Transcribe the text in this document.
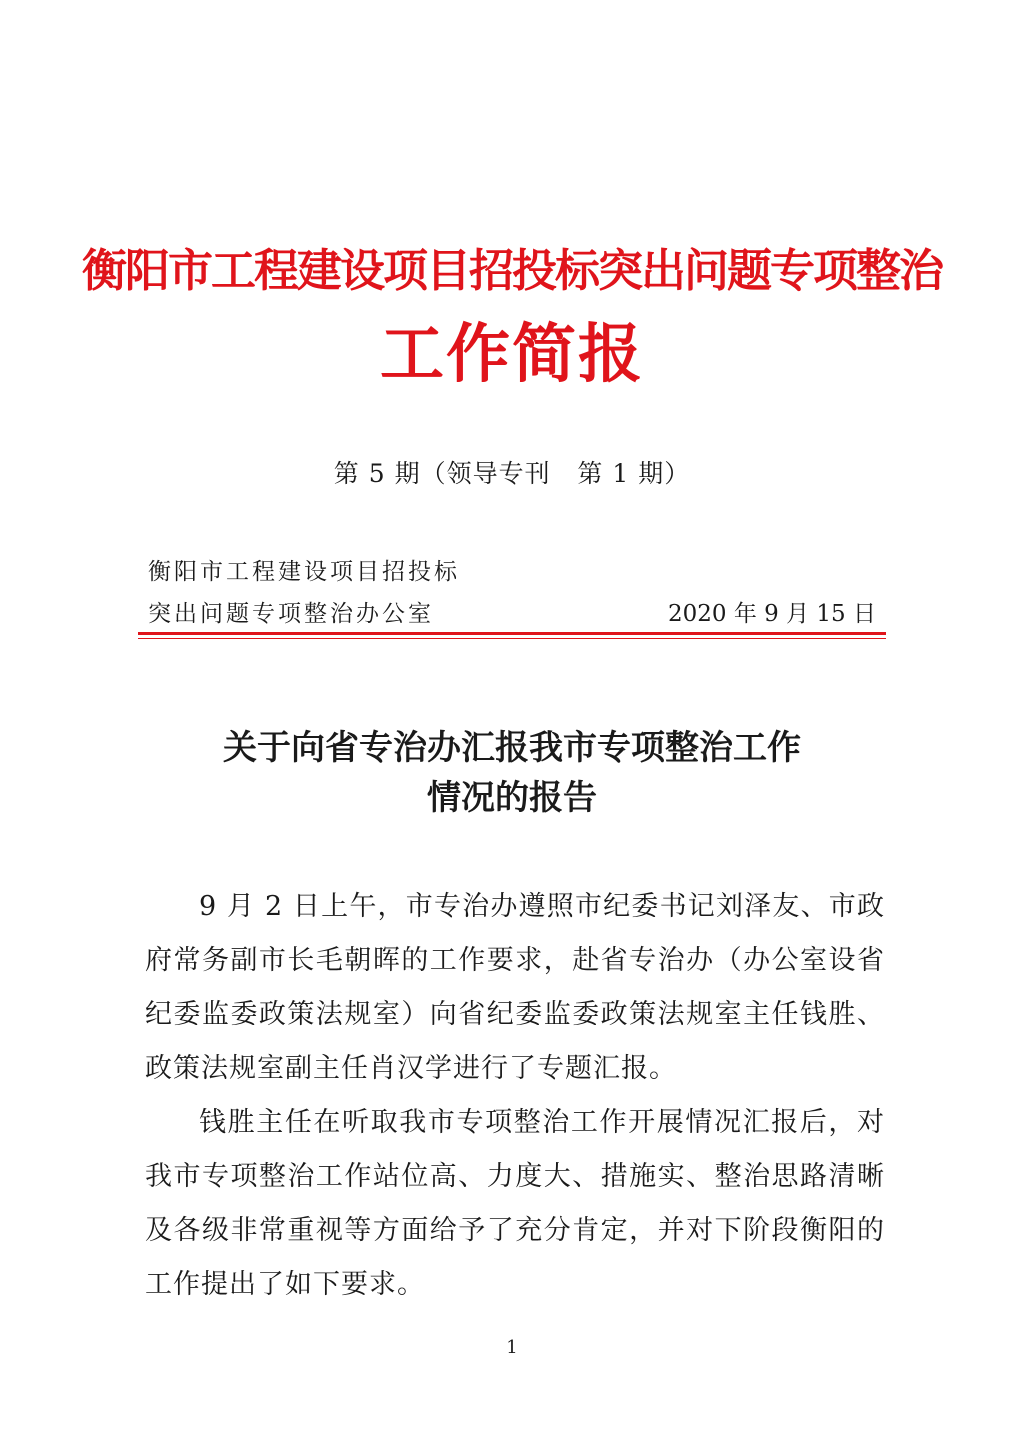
衡阳市工程建设项目招投标突出问题专项整治
工作简报
第 5 期（领导专刊   第 1 期）
衡阳市工程建设项目招投标
突出问题专项整治办公室	2020 年 9 月 15 日
关于向省专治办汇报我市专项整治工作
情况的报告

9 月 2 日上午，市专治办遵照市纪委书记刘泽友、市政府常务副市长毛朝晖的工作要求，赴省专治办（办公室设省纪委监委政策法规室）向省纪委监委政策法规室主任钱胜、政策法规室副主任肖汉学进行了专题汇报。

钱胜主任在听取我市专项整治工作开展情况汇报后，对我市专项整治工作站位高、力度大、措施实、整治思路清晰及各级非常重视等方面给予了充分肯定，并对下阶段衡阳的工作提出了如下要求。

1
